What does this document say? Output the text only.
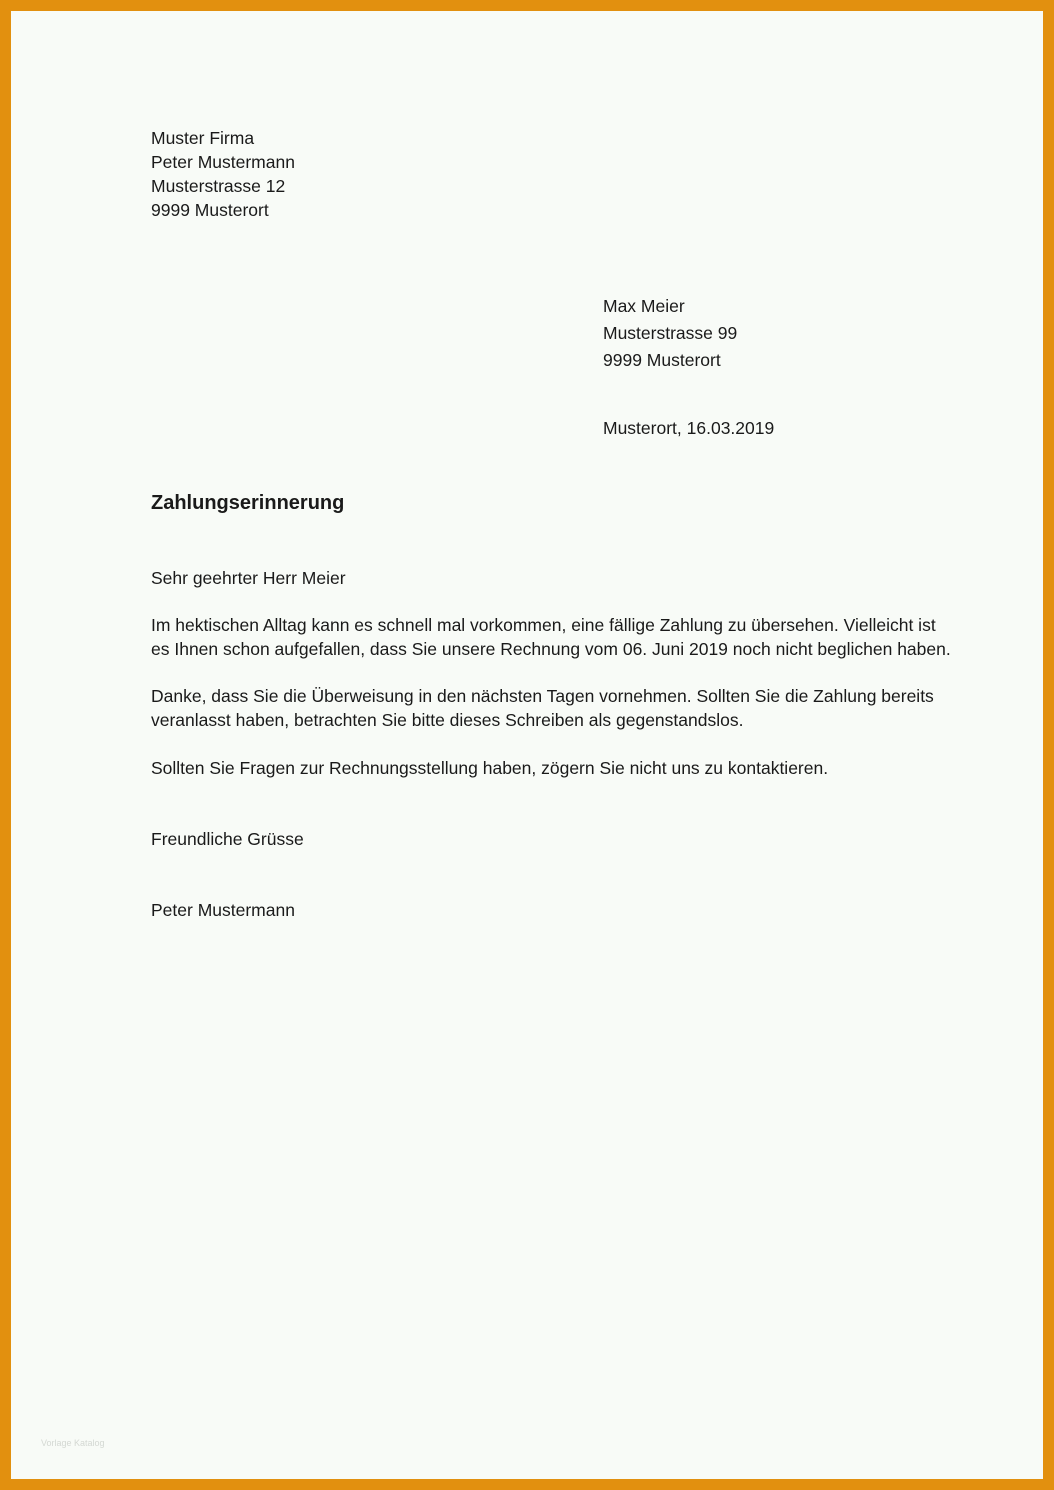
Muster Firma
Peter Mustermann
Musterstrasse 12
9999 Musterort
Max Meier
Musterstrasse 99
9999 Musterort
Musterort, 16.03.2019
Zahlungserinnerung
Sehr geehrter Herr Meier
Im hektischen Alltag kann es schnell mal vorkommen, eine fällige Zahlung zu übersehen. Vielleicht ist
es Ihnen schon aufgefallen, dass Sie unsere Rechnung vom 06. Juni 2019 noch nicht beglichen haben.
Danke, dass Sie die Überweisung in den nächsten Tagen vornehmen. Sollten Sie die Zahlung bereits
veranlasst haben, betrachten Sie bitte dieses Schreiben als gegenstandslos.
Sollten Sie Fragen zur Rechnungsstellung haben, zögern Sie nicht uns zu kontaktieren.
Freundliche Grüsse
Peter Mustermann
Vorlage Katalog
